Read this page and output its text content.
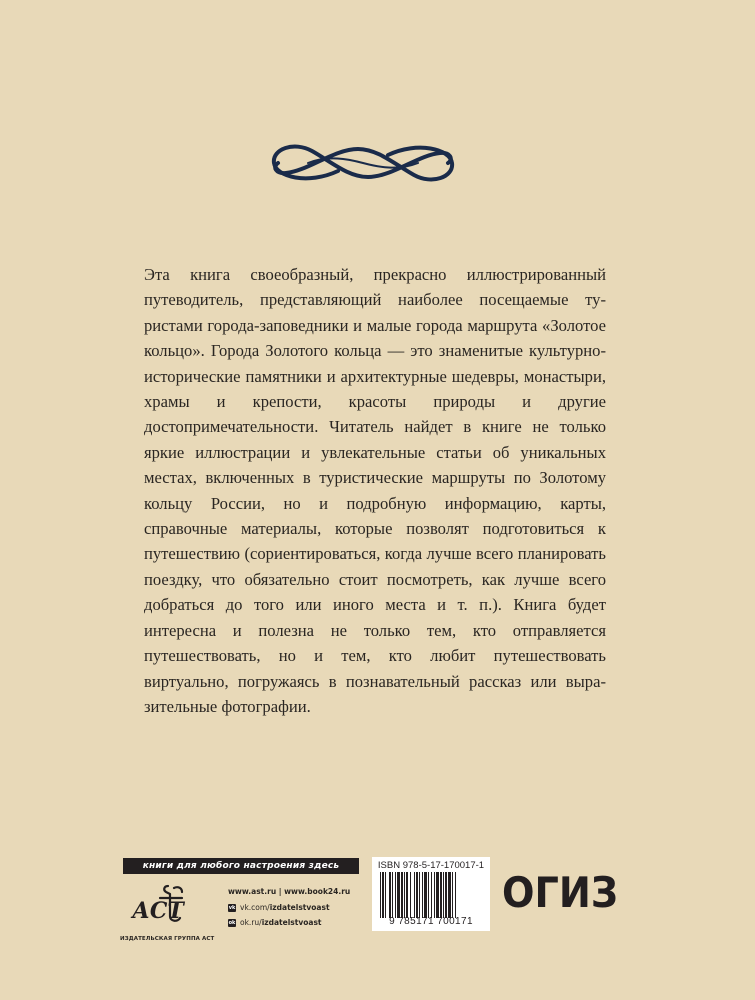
Эта книга своеобразный, прекрасно иллюстрированный путеводитель, представляющий наиболее посещаемые туристами города-заповедники и малые города маршрута «Золотое кольцо». Города Золотого кольца — это знаменитые культурно-исторические памятники и архитектурные шедевры, монастыри, храмы и крепости, красоты природы и другие достопримечательности. Читатель найдет в книге не только яркие иллюстрации и увлекательные статьи об уникальных местах, включенных в туристические маршруты по Золотому кольцу России, но и подробную информацию, карты, справочные материалы, которые позволят подготовиться к путешествию (сориентироваться, когда лучше всего планировать поездку, что обязательно стоит посмотреть, как лучше всего добраться до того или иного места и т. п.). Книга будет интересна и полезна не только тем, кто отправляется путешествовать, но и тем, кто любит путешествовать виртуально, погружаясь в познавательный рассказ или выразительные фотографии.

книги для любого настроения здесь
АСТ
ИЗДАТЕЛЬСКАЯ ГРУППА АСТ
www.ast.ru | www.book24.ru
vk vk.com/ izdatelstvoast
ok ok.ru/ izdatelstvoast
ISBN 978-5-17-170017-1
9 785171 700171
ОГИЗ
